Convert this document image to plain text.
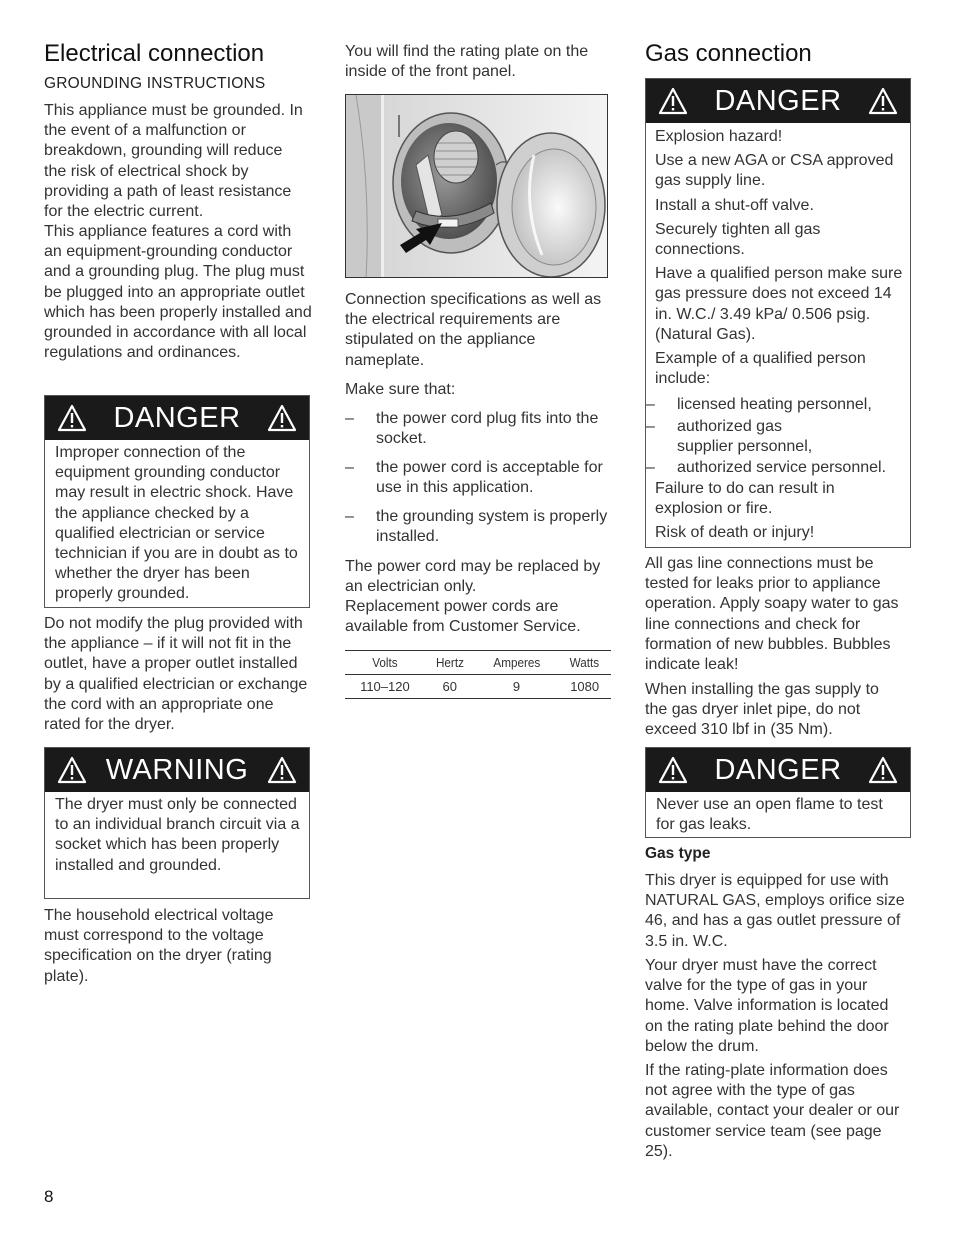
Electrical connection
GROUNDING INSTRUCTIONS
This appliance must be grounded. In the event of a malfunction or breakdown, grounding will reduce the risk of electrical shock by providing a path of least resistance for the electric current.
This appliance features a cord with an equipment-grounding conductor and a grounding plug. The plug must be plugged into an appropriate outlet which has been properly installed and grounded in accordance with all local regulations and ordinances.
DANGER
Improper connection of the equipment grounding conductor may result in electric shock. Have the appliance checked by a qualified electrician or service technician if you are in doubt as to whether the dryer has been properly grounded.
Do not modify the plug provided with the appliance – if it will not fit in the outlet, have a proper outlet installed by a qualified electrician or exchange the cord with an appropriate one rated for the dryer.
WARNING
The dryer must only be connected to an individual branch circuit via a socket which has been properly installed and grounded.
The household electrical voltage must correspond to the voltage specification on the dryer (rating plate).
You will find the rating plate on the inside of the front panel.
Connection specifications as well as the electrical requirements are stipulated on the appliance nameplate.
Make sure that:
– the power cord plug fits into the socket.
– the power cord is acceptable for use in this application.
– the grounding system is properly installed.
The power cord may be replaced by an electrician only.
Replacement power cords are available from Customer Service.
Volts	Hertz	Amperes	Watts
110–120	60	9	1080
Gas connection
DANGER
Explosion hazard!
Use a new AGA or CSA approved gas supply line.
Install a shut-off valve.
Securely tighten all gas connections.
Have a qualified person make sure gas pressure does not exceed 14 in. W.C./ 3.49 kPa/ 0.506 psig. (Natural Gas).
Example of a qualified person include:
– licensed heating personnel,
– authorized gas supplier personnel,
– authorized service personnel.
Failure to do can result in explosion or fire.
Risk of death or injury!
All gas line connections must be tested for leaks prior to appliance operation. Apply soapy water to gas line connections and check for formation of new bubbles. Bubbles indicate leak!
When installing the gas supply to the gas dryer inlet pipe, do not exceed 310 lbf in (35 Nm).
DANGER
Never use an open flame to test for gas leaks.
Gas type
This dryer is equipped for use with NATURAL GAS, employs orifice size 46, and has a gas outlet pressure of 3.5 in. W.C.
Your dryer must have the correct valve for the type of gas in your home. Valve information is located on the rating plate behind the door below the drum.
If the rating-plate information does not agree with the type of gas available, contact your dealer or our customer service team (see page 25).
8
